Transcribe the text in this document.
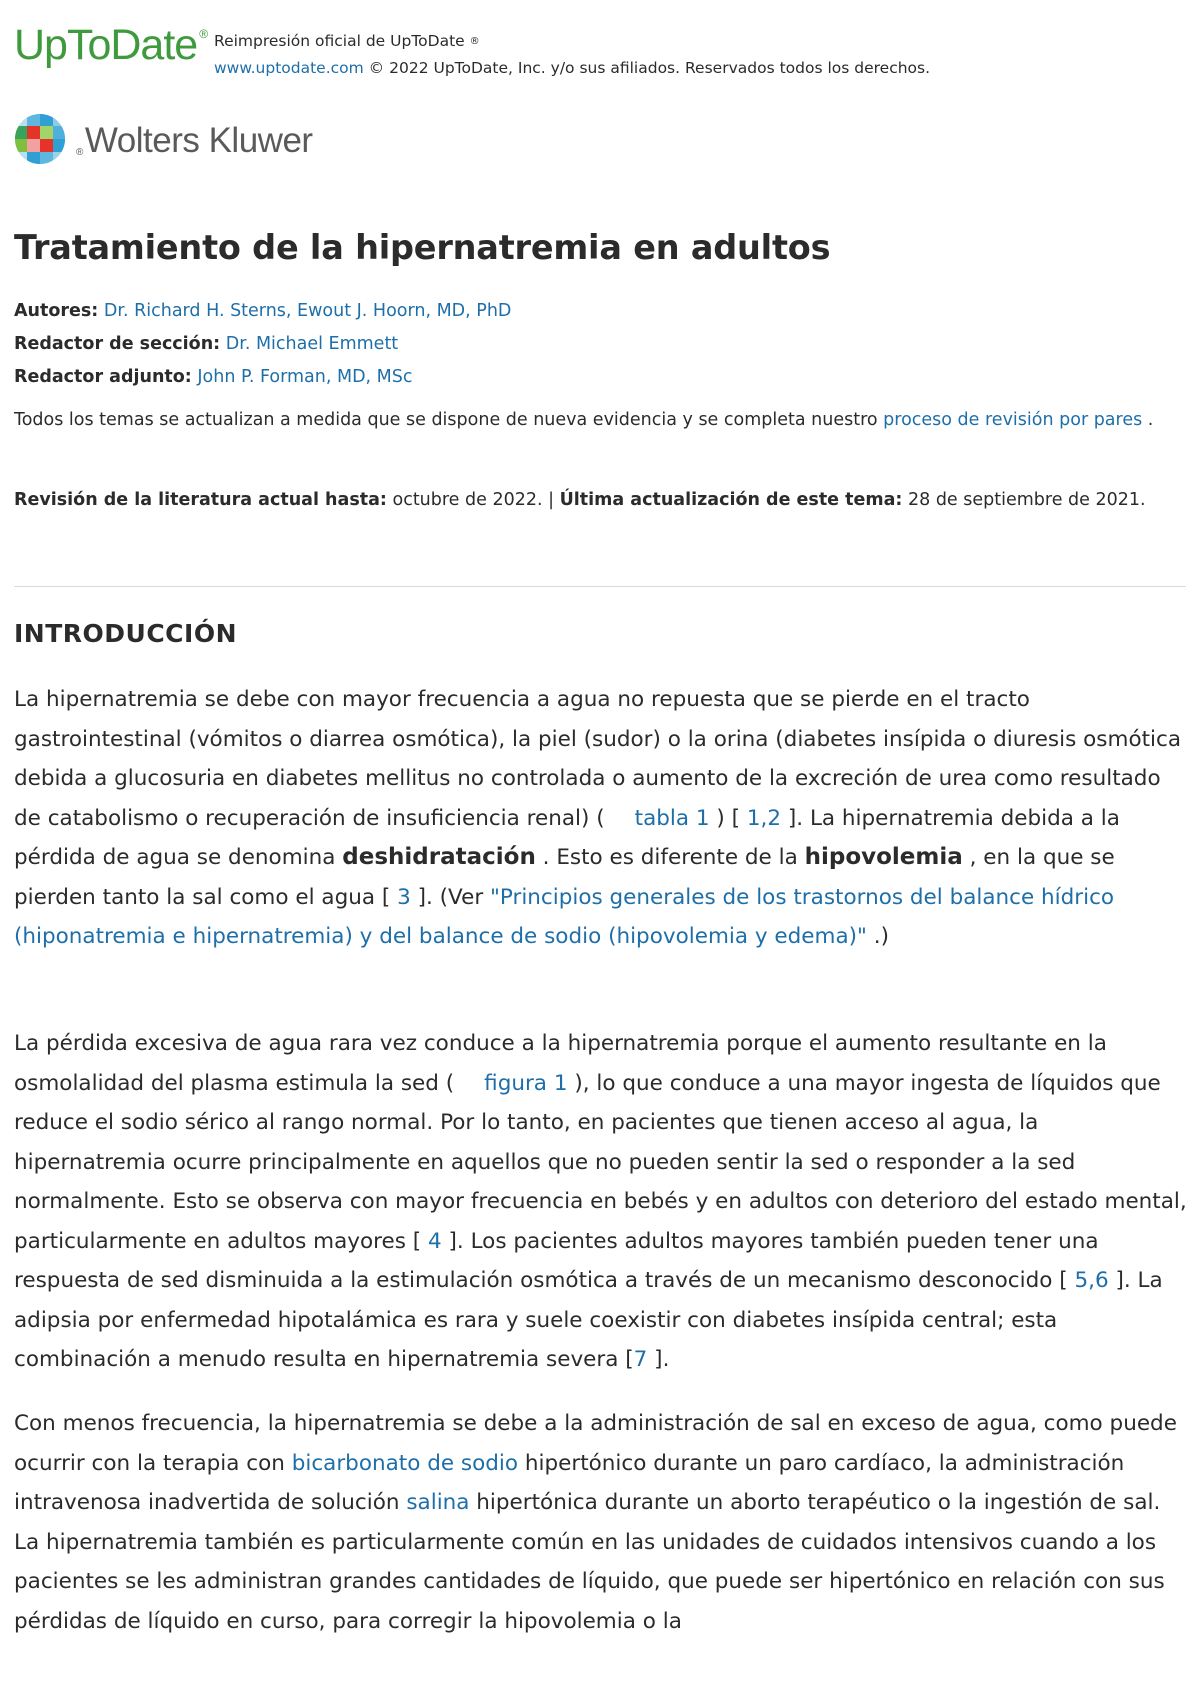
UpToDate ® Reimpresión oficial de UpToDate ®
www.uptodate.com © 2022 UpToDate, Inc. y/o sus afiliados. Reservados todos los derechos.
®Wolters Kluwer
Tratamiento de la hipernatremia en adultos
Autores: Dr. Richard H. Sterns, Ewout J. Hoorn, MD, PhD
Redactor de sección: Dr. Michael Emmett
Redactor adjunto: John P. Forman, MD, MSc
Todos los temas se actualizan a medida que se dispone de nueva evidencia y se completa nuestro proceso de revisión por pares .
Revisión de la literatura actual hasta: octubre de 2022. | Última actualización de este tema: 28 de septiembre de 2021.
INTRODUCCIÓN

La hipernatremia se debe con mayor frecuencia a agua no repuesta que se pierde en el tracto gastrointestinal (vómitos o diarrea osmótica), la piel (sudor) o la orina (diabetes insípida o diuresis osmótica debida a glucosuria en diabetes mellitus no controlada o aumento de la excreción de urea como resultado de catabolismo o recuperación de insuficiencia renal) ( tabla 1 ) [ 1,2 ]. La hipernatremia debida a la pérdida de agua se denomina deshidratación . Esto es diferente de la hipovolemia , en la que se pierden tanto la sal como el agua [ 3 ]. (Ver "Principios generales de los trastornos del balance hídrico (hiponatremia e hipernatremia) y del balance de sodio (hipovolemia y edema)" .)

La pérdida excesiva de agua rara vez conduce a la hipernatremia porque el aumento resultante en la osmolalidad del plasma estimula la sed ( figura 1 ), lo que conduce a una mayor ingesta de líquidos que reduce el sodio sérico al rango normal. Por lo tanto, en pacientes que tienen acceso al agua, la hipernatremia ocurre principalmente en aquellos que no pueden sentir la sed o responder a la sed normalmente. Esto se observa con mayor frecuencia en bebés y en adultos con deterioro del estado mental, particularmente en adultos mayores [ 4 ]. Los pacientes adultos mayores también pueden tener una respuesta de sed disminuida a la estimulación osmótica a través de un mecanismo desconocido [ 5,6 ]. La adipsia por enfermedad hipotalámica es rara y suele coexistir con diabetes insípida central; esta combinación a menudo resulta en hipernatremia severa [7 ].

Con menos frecuencia, la hipernatremia se debe a la administración de sal en exceso de agua, como puede ocurrir con la terapia con bicarbonato de sodio hipertónico durante un paro cardíaco, la administración intravenosa inadvertida de solución salina hipertónica durante un aborto terapéutico o la ingestión de sal. La hipernatremia también es particularmente común en las unidades de cuidados intensivos cuando a los pacientes se les administran grandes cantidades de líquido, que puede ser hipertónico en relación con sus pérdidas de líquido en curso, para corregir la hipovolemia o la
